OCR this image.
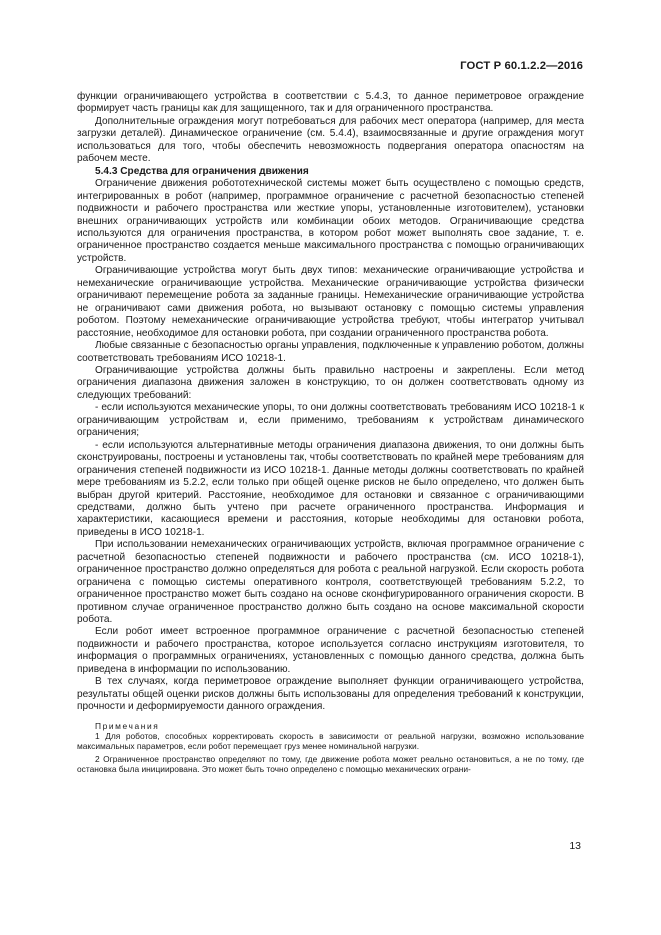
ГОСТ Р 60.1.2.2—2016

функции ограничивающего устройства в соответствии с 5.4.3, то данное периметровое ограждение формирует часть границы как для защищенного, так и для ограниченного пространства.

Дополнительные ограждения могут потребоваться для рабочих мест оператора (например, для места загрузки деталей). Динамическое ограничение (см. 5.4.4), взаимосвязанные и другие ограждения могут использоваться для того, чтобы обеспечить невозможность подвергания оператора опасностям на рабочем месте.

5.4.3 Средства для ограничения движения

Ограничение движения робототехнической системы может быть осуществлено с помощью средств, интегрированных в робот (например, программное ограничение с расчетной безопасностью степеней подвижности и рабочего пространства или жесткие упоры, установленные изготовителем), установки внешних ограничивающих устройств или комбинации обоих методов. Ограничивающие средства используются для ограничения пространства, в котором робот может выполнять свое задание, т. е. ограниченное пространство создается меньше максимального пространства с помощью ограничивающих устройств.

Ограничивающие устройства могут быть двух типов: механические ограничивающие устройства и немеханические ограничивающие устройства. Механические ограничивающие устройства физически ограничивают перемещение робота за заданные границы. Немеханические ограничивающие устройства не ограничивают сами движения робота, но вызывают остановку с помощью системы управления роботом. Поэтому немеханические ограничивающие устройства требуют, чтобы интегратор учитывал расстояние, необходимое для остановки робота, при создании ограниченного пространства робота.

Любые связанные с безопасностью органы управления, подключенные к управлению роботом, должны соответствовать требованиям ИСО 10218-1.

Ограничивающие устройства должны быть правильно настроены и закреплены. Если метод ограничения диапазона движения заложен в конструкцию, то он должен соответствовать одному из следующих требований:

- если используются механические упоры, то они должны соответствовать требованиям ИСО 10218-1 к ограничивающим устройствам и, если применимо, требованиям к устройствам динамического ограничения;

- если используются альтернативные методы ограничения диапазона движения, то они должны быть сконструированы, построены и установлены так, чтобы соответствовать по крайней мере требованиям для ограничения степеней подвижности из ИСО 10218-1. Данные методы должны соответствовать по крайней мере требованиям из 5.2.2, если только при общей оценке рисков не было определено, что должен быть выбран другой критерий. Расстояние, необходимое для остановки и связанное с ограничивающими средствами, должно быть учтено при расчете ограниченного пространства. Информация и характеристики, касающиеся времени и расстояния, которые необходимы для остановки робота, приведены в ИСО 10218-1.

При использовании немеханических ограничивающих устройств, включая программное ограничение с расчетной безопасностью степеней подвижности и рабочего пространства (см. ИСО 10218-1), ограниченное пространство должно определяться для робота с реальной нагрузкой. Если скорость робота ограничена с помощью системы оперативного контроля, соответствующей требованиям 5.2.2, то ограниченное пространство может быть создано на основе сконфигурированного ограничения скорости. В противном случае ограниченное пространство должно быть создано на основе максимальной скорости робота.

Если робот имеет встроенное программное ограничение с расчетной безопасностью степеней подвижности и рабочего пространства, которое используется согласно инструкциям изготовителя, то информация о программных ограничениях, установленных с помощью данного средства, должна быть приведена в информации по использованию.

В тех случаях, когда периметровое ограждение выполняет функции ограничивающего устройства, результаты общей оценки рисков должны быть использованы для определения требований к конструкции, прочности и деформируемости данного ограждения.

Примечания

1 Для роботов, способных корректировать скорость в зависимости от реальной нагрузки, возможно использование максимальных параметров, если робот перемещает груз менее номинальной нагрузки.

2 Ограниченное пространство определяют по тому, где движение робота может реально остановиться, а не по тому, где остановка была инициирована. Это может быть точно определено с помощью механических ограни-

13
